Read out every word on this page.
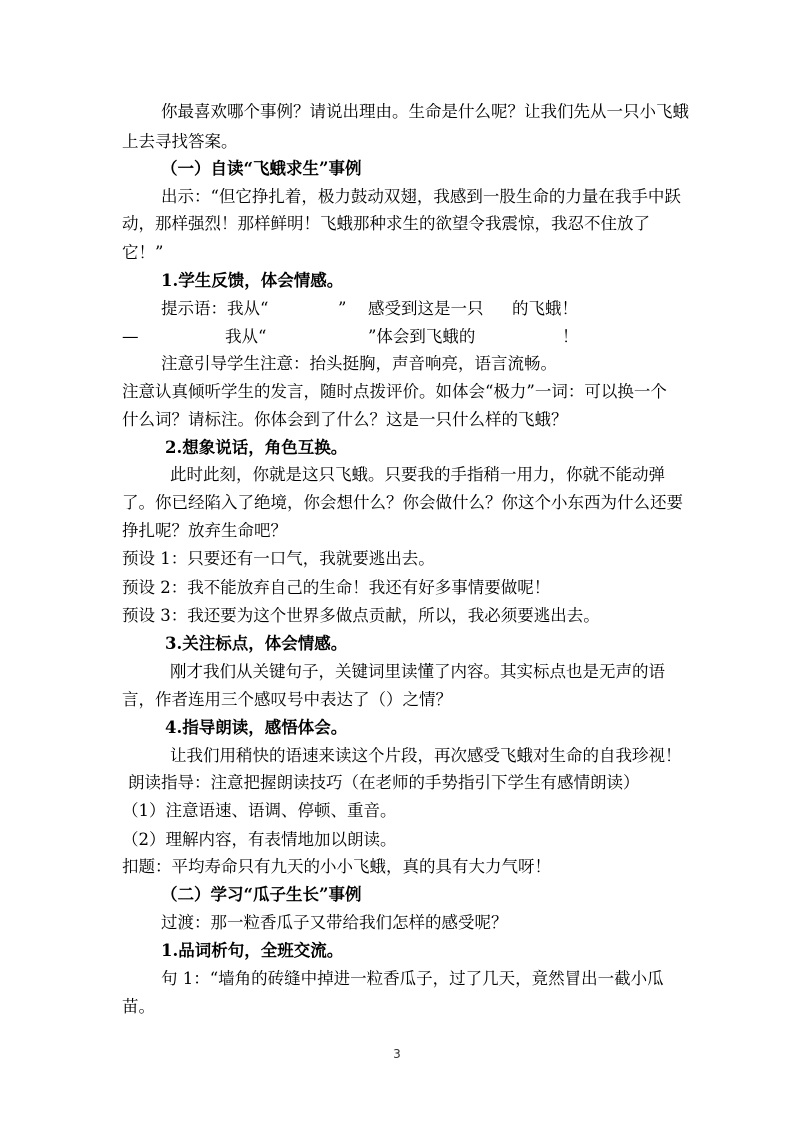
你最喜欢哪个事例？请说出理由。生命是什么呢？让我们先从一只小飞蛾
上去寻找答案。
（一）自读“飞蛾求生”事例
出示：“但它挣扎着，极力鼓动双翅，我感到一股生命的力量在我手中跃
动，那样强烈！那样鲜明！飞蛾那种求生的欲望令我震惊，我忍不住放了
它！”
1.学生反馈，体会情感。
提示语：我从“	” 感受到这是一只 的飞蛾！
—	我从“	”体会到飞蛾的	！
注意引导学生注意：抬头挺胸，声音响亮，语言流畅。
注意认真倾听学生的发言，随时点拨评价。如体会“极力”一词：可以换一个
什么词？请标注。你体会到了什么？这是一只什么样的飞蛾？
2.想象说话，角色互换。
此时此刻，你就是这只飞蛾。只要我的手指稍一用力，你就不能动弹
了。你已经陷入了绝境，你会想什么？你会做什么？你这个小东西为什么还要
挣扎呢？放弃生命吧？
预设 1：只要还有一口气，我就要逃出去。
预设 2：我不能放弃自己的生命！我还有好多事情要做呢！
预设 3：我还要为这个世界多做点贡献，所以，我必须要逃出去。
3.关注标点，体会情感。
刚才我们从关键句子，关键词里读懂了内容。其实标点也是无声的语
言，作者连用三个感叹号中表达了（）之情？
4.指导朗读，感悟体会。
让我们用稍快的语速来读这个片段，再次感受飞蛾对生命的自我珍视！
朗读指导：注意把握朗读技巧（在老师的手势指引下学生有感情朗读）
（1）注意语速、语调、停顿、重音。
（2）理解内容，有表情地加以朗读。
扣题：平均寿命只有九天的小小飞蛾，真的具有大力气呀！
（二）学习“瓜子生长”事例
过渡：那一粒香瓜子又带给我们怎样的感受呢？
1.品词析句，全班交流。
句 1：“墙角的砖缝中掉进一粒香瓜子，过了几天，竟然冒出一截小瓜
苗。
3
